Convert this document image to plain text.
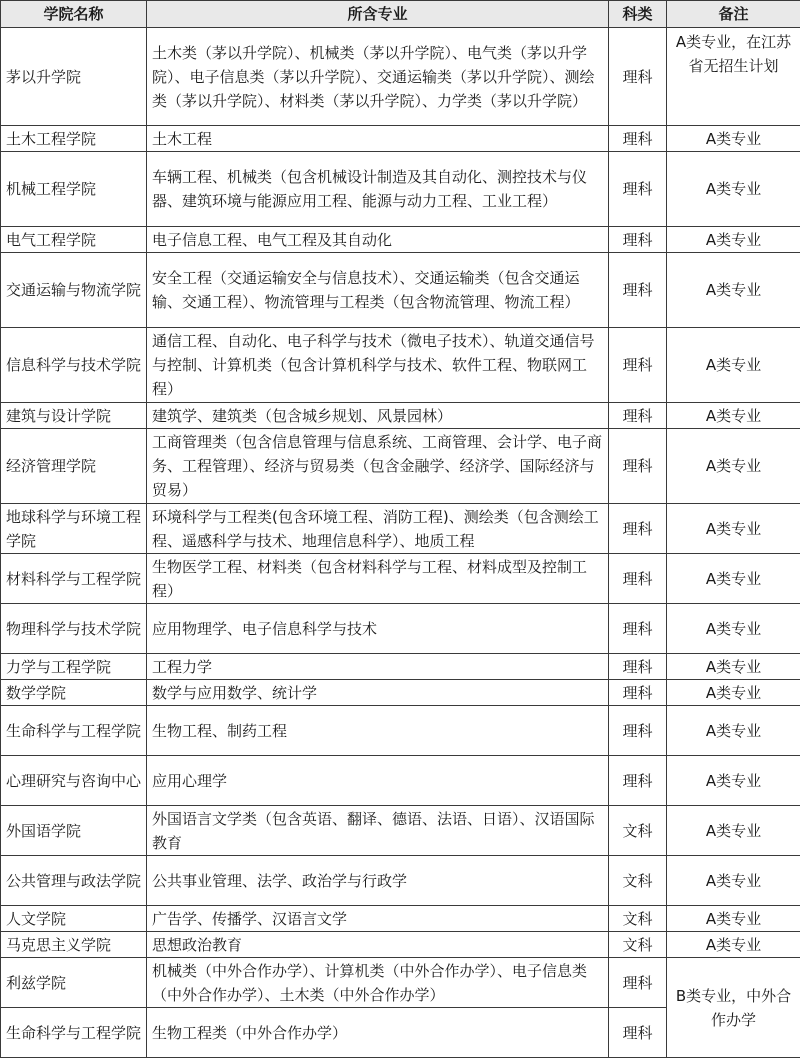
学院名称	所含专业	科类	备注
茅以升学院	土木类（茅以升学院）、机械类（茅以升学院）、电气类（茅以升学院）、电子信息类（茅以升学院）、交通运输类（茅以升学院）、测绘类（茅以升学院）、材料类（茅以升学院）、力学类（茅以升学院）	理科	A类专业，在江苏省无招生计划
土木工程学院	土木工程	理科	A类专业
机械工程学院	车辆工程、机械类（包含机械设计制造及其自动化、测控技术与仪器、建筑环境与能源应用工程、能源与动力工程、工业工程）	理科	A类专业
电气工程学院	电子信息工程、电气工程及其自动化	理科	A类专业
交通运输与物流学院	安全工程（交通运输安全与信息技术）、交通运输类（包含交通运输、交通工程）、物流管理与工程类（包含物流管理、物流工程）	理科	A类专业
信息科学与技术学院	通信工程、自动化、电子科学与技术（微电子技术）、轨道交通信号与控制、计算机类（包含计算机科学与技术、软件工程、物联网工程）	理科	A类专业
建筑与设计学院	建筑学、建筑类（包含城乡规划、风景园林）	理科	A类专业
经济管理学院	工商管理类（包含信息管理与信息系统、工商管理、会计学、电子商务、工程管理）、经济与贸易类（包含金融学、经济学、国际经济与贸易）	理科	A类专业
地球科学与环境工程学院	环境科学与工程类(包含环境工程、消防工程)、测绘类（包含测绘工程、遥感科学与技术、地理信息科学）、地质工程	理科	A类专业
材料科学与工程学院	生物医学工程、材料类（包含材料科学与工程、材料成型及控制工程）	理科	A类专业
物理科学与技术学院	应用物理学、电子信息科学与技术	理科	A类专业
力学与工程学院	工程力学	理科	A类专业
数学学院	数学与应用数学、统计学	理科	A类专业
生命科学与工程学院	生物工程、制药工程	理科	A类专业
心理研究与咨询中心	应用心理学	理科	A类专业
外国语学院	外国语言文学类（包含英语、翻译、德语、法语、日语）、汉语国际教育	文科	A类专业
公共管理与政法学院	公共事业管理、法学、政治学与行政学	文科	A类专业
人文学院	广告学、传播学、汉语言文学	文科	A类专业
马克思主义学院	思想政治教育	文科	A类专业
利兹学院	机械类（中外合作办学）、计算机类（中外合作办学）、电子信息类（中外合作办学）、土木类（中外合作办学）	理科	B类专业，中外合作办学
生命科学与工程学院	生物工程类（中外合作办学）	理科	
